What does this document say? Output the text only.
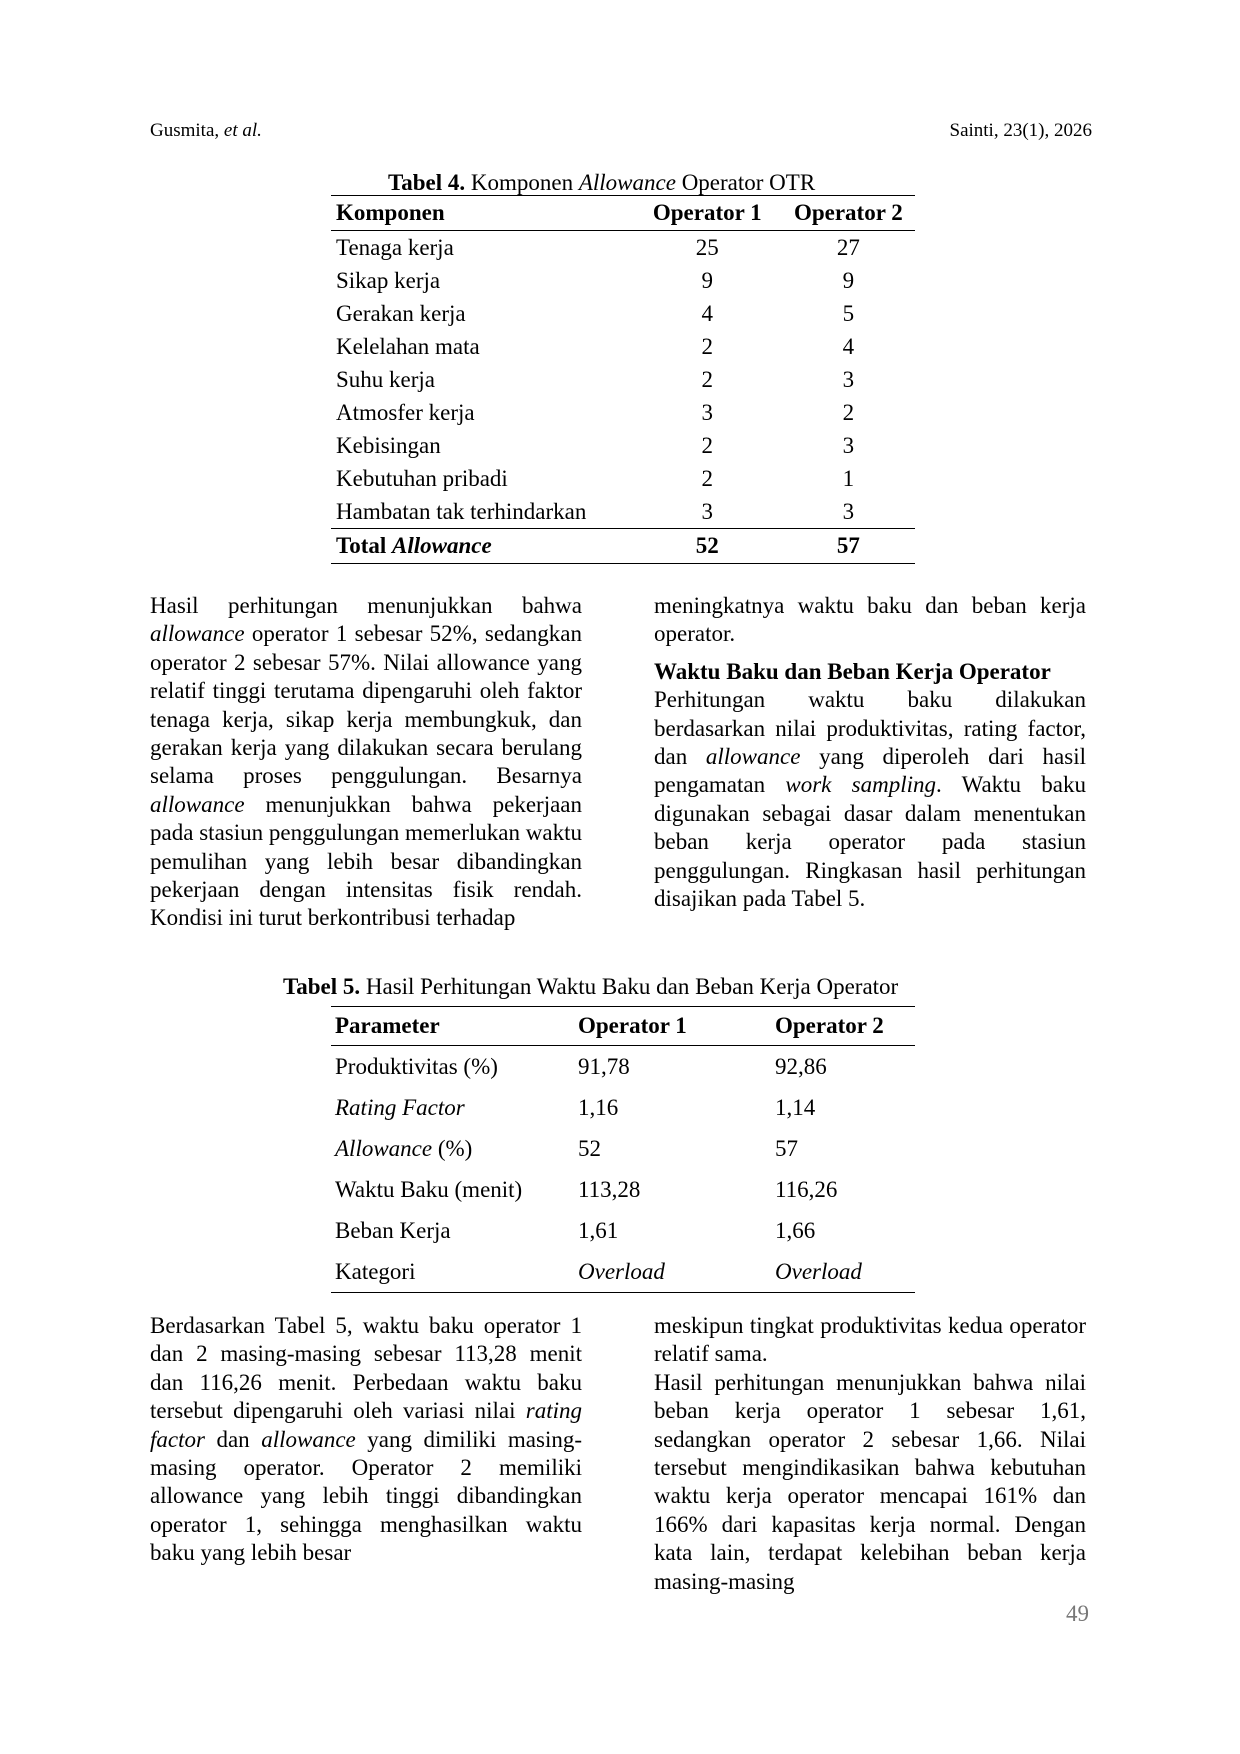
Gusmita, et al.	Sainti, 23(1), 2026
Tabel 4. Komponen Allowance Operator OTR
Komponen	Operator 1	Operator 2
Tenaga kerja	25	27
Sikap kerja	9	9
Gerakan kerja	4	5
Kelelahan mata	2	4
Suhu kerja	2	3
Atmosfer kerja	3	2
Kebisingan	2	3
Kebutuhan pribadi	2	1
Hambatan tak terhindarkan	3	3
Total Allowance	52	57

Hasil perhitungan menunjukkan bahwa allowance operator 1 sebesar 52%, sedangkan operator 2 sebesar 57%. Nilai allowance yang relatif tinggi terutama dipengaruhi oleh faktor tenaga kerja, sikap kerja membungkuk, dan gerakan kerja yang dilakukan secara berulang selama proses penggulungan. Besarnya allowance menunjukkan bahwa pekerjaan pada stasiun penggulungan memerlukan waktu pemulihan yang lebih besar dibandingkan pekerjaan dengan intensitas fisik rendah. Kondisi ini turut berkontribusi terhadap

meningkatnya waktu baku dan beban kerja operator.

Waktu Baku dan Beban Kerja Operator

Perhitungan waktu baku dilakukan berdasarkan nilai produktivitas, rating factor, dan allowance yang diperoleh dari hasil pengamatan work sampling. Waktu baku digunakan sebagai dasar dalam menentukan beban kerja operator pada stasiun penggulungan. Ringkasan hasil perhitungan disajikan pada Tabel 5.

Tabel 5. Hasil Perhitungan Waktu Baku dan Beban Kerja Operator
Parameter	Operator 1	Operator 2
Produktivitas (%)	91,78	92,86
Rating Factor	1,16	1,14
Allowance (%)	52	57
Waktu Baku (menit)	113,28	116,26
Beban Kerja	1,61	1,66
Kategori	Overload	Overload

Berdasarkan Tabel 5, waktu baku operator 1 dan 2 masing-masing sebesar 113,28 menit dan 116,26 menit. Perbedaan waktu baku tersebut dipengaruhi oleh variasi nilai rating factor dan allowance yang dimiliki masing-masing operator. Operator 2 memiliki allowance yang lebih tinggi dibandingkan operator 1, sehingga menghasilkan waktu baku yang lebih besar

meskipun tingkat produktivitas kedua operator relatif sama.

Hasil perhitungan menunjukkan bahwa nilai beban kerja operator 1 sebesar 1,61, sedangkan operator 2 sebesar 1,66. Nilai tersebut mengindikasikan bahwa kebutuhan waktu kerja operator mencapai 161% dan 166% dari kapasitas kerja normal. Dengan kata lain, terdapat kelebihan beban kerja masing-masing

49
